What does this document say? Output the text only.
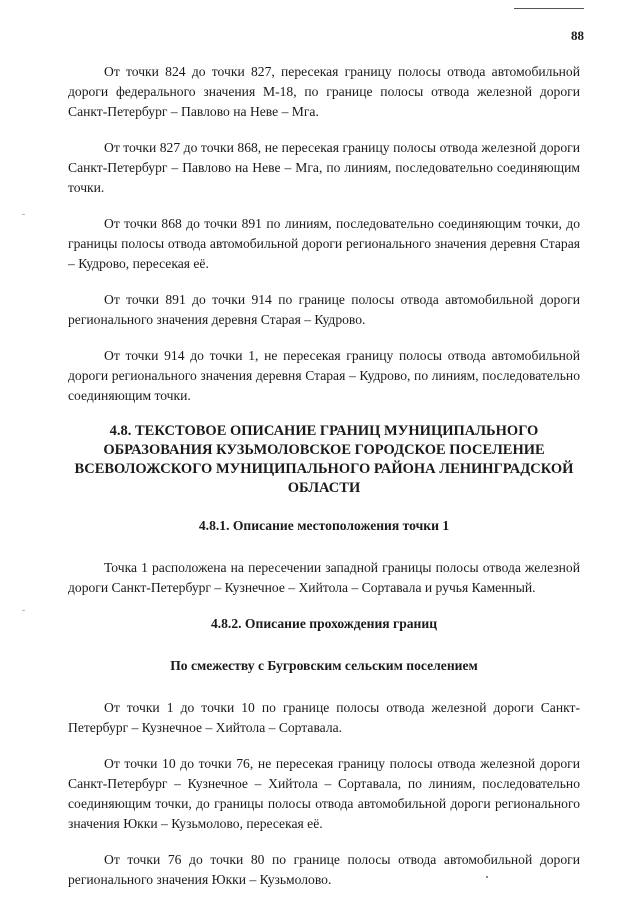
88

От точки 824 до точки 827, пересекая границу полосы отвода автомобильной дороги федерального значения М-18, по границе полосы отвода железной дороги Санкт-Петербург – Павлово на Неве – Мга.

От точки 827 до точки 868, не пересекая границу полосы отвода железной дороги Санкт-Петербург – Павлово на Неве – Мга, по линиям, последовательно соединяющим точки.

От точки 868 до точки 891 по линиям, последовательно соединяющим точки, до границы полосы отвода автомобильной дороги регионального значения деревня Старая – Кудрово, пересекая её.

От точки 891 до точки 914 по границе полосы отвода автомобильной дороги регионального значения деревня Старая – Кудрово.

От точки 914 до точки 1, не пересекая границу полосы отвода автомобильной дороги регионального значения деревня Старая – Кудрово, по линиям, последовательно соединяющим точки.

4.8. ТЕКСТОВОЕ ОПИСАНИЕ ГРАНИЦ МУНИЦИПАЛЬНОГО ОБРАЗОВАНИЯ КУЗЬМОЛОВСКОЕ ГОРОДСКОЕ ПОСЕЛЕНИЕ ВСЕВОЛОЖСКОГО МУНИЦИПАЛЬНОГО РАЙОНА ЛЕНИНГРАДСКОЙ ОБЛАСТИ
4.8.1. Описание местоположения точки 1

Точка 1 расположена на пересечении западной границы полосы отвода железной дороги Санкт-Петербург – Кузнечное – Хийтола – Сортавала и ручья Каменный.

4.8.2. Описание прохождения границ
По смежеству с Бугровским сельским поселением

От точки 1 до точки 10 по границе полосы отвода железной дороги Санкт-Петербург – Кузнечное – Хийтола – Сортавала.

От точки 10 до точки 76, не пересекая границу полосы отвода железной дороги Санкт-Петербург – Кузнечное – Хийтола – Сортавала, по линиям, последовательно соединяющим точки, до границы полосы отвода автомобильной дороги регионального значения Юкки – Кузьмолово, пересекая её.

От точки 76 до точки 80 по границе полосы отвода автомобильной дороги регионального значения Юкки – Кузьмолово.
